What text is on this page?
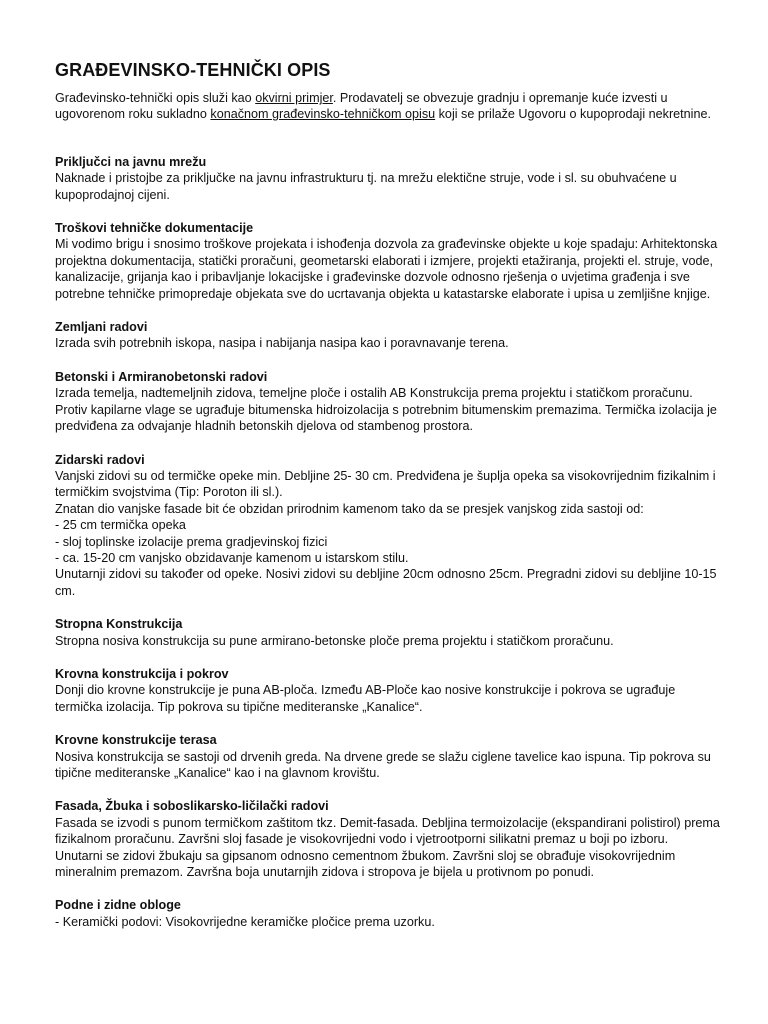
GRAĐEVINSKO-TEHNIČKI OPIS

Građevinsko-tehnički opis služi kao okvirni primjer. Prodavatelj se obvezuje gradnju i opremanje kuće izvesti u ugovorenom roku sukladno konačnom građevinsko-tehničkom opisu koji se prilaže Ugovoru o kupoprodaji nekretnine.

Priključci na javnu mrežu

Naknade i pristojbe za priključke na javnu infrastrukturu tj. na mrežu elektične struje, vode i sl. su obuhvaćene u kupoprodajnoj cijeni.

Troškovi tehničke dokumentacije

Mi vodimo brigu i snosimo troškove projekata i ishođenja dozvola za građevinske objekte u koje spadaju: Arhitektonska projektna dokumentacija, statički proračuni, geometarski elaborati i izmjere, projekti etažiranja, projekti el. struje, vode, kanalizacije, grijanja kao i pribavljanje lokacijske i građevinske dozvole odnosno rješenja o uvjetima građenja i sve potrebne tehničke primopredaje objekata sve do ucrtavanja objekta u katastarske elaborate i upisa u zemljišne knjige.

Zemljani radovi

Izrada svih potrebnih iskopa, nasipa i nabijanja nasipa kao i poravnavanje terena.

Betonski i Armiranobetonski radovi

Izrada temelja, nadtemeljnih zidova, temeljne ploče i ostalih AB Konstrukcija prema projektu i statičkom proračunu. Protiv kapilarne vlage se ugrađuje bitumenska hidroizolacija s potrebnim bitumenskim premazima. Termička izolacija je predviđena za odvajanje hladnih betonskih djelova od stambenog prostora.

Zidarski radovi

Vanjski zidovi su od termičke opeke min. Debljine 25- 30 cm. Predviđena je šuplja opeka sa visokovrijednim fizikalnim i termičkim svojstvima (Tip: Poroton ili sl.).

Znatan dio vanjske fasade bit će obzidan prirodnim kamenom tako da se presjek vanjskog zida sastoji od:

- 25 cm termička opeka

- sloj toplinske izolacije prema gradjevinskoj fizici

- ca. 15-20 cm vanjsko obzidavanje kamenom u istarskom stilu.

Unutarnji zidovi su također od opeke. Nosivi zidovi su debljine 20cm odnosno 25cm. Pregradni zidovi su debljine 10-15 cm.

Stropna Konstrukcija

Stropna nosiva konstrukcija su pune armirano-betonske ploče prema projektu i statičkom proračunu.

Krovna konstrukcija i pokrov

Donji dio krovne konstrukcije je puna AB-ploča. Između AB-Ploče kao nosive konstrukcije i pokrova se ugrađuje termička izolacija. Tip pokrova su tipične mediteranske „Kanalice“.

Krovne konstrukcije terasa

Nosiva konstrukcija se sastoji od drvenih greda. Na drvene grede se slažu ciglene tavelice kao ispuna. Tip pokrova su tipične mediteranske „Kanalice“ kao i na glavnom krovištu.

Fasada, Žbuka i soboslikarsko-ličilački radovi

Fasada se izvodi s punom termičkom zaštitom tkz. Demit-fasada. Debljina termoizolacije (ekspandirani polistirol) prema fizikalnom proračunu. Završni sloj fasade je visokovrijedni vodo i vjetrootporni silikatni premaz u boji po izboru.

Unutarni se zidovi žbukaju sa gipsanom odnosno cementnom žbukom. Završni sloj se obrađuje visokovrijednim mineralnim premazom. Završna boja unutarnjih zidova i stropova je bijela u protivnom po ponudi.

Podne i zidne obloge

- Keramički podovi: Visokovrijedne keramičke pločice prema uzorku.
